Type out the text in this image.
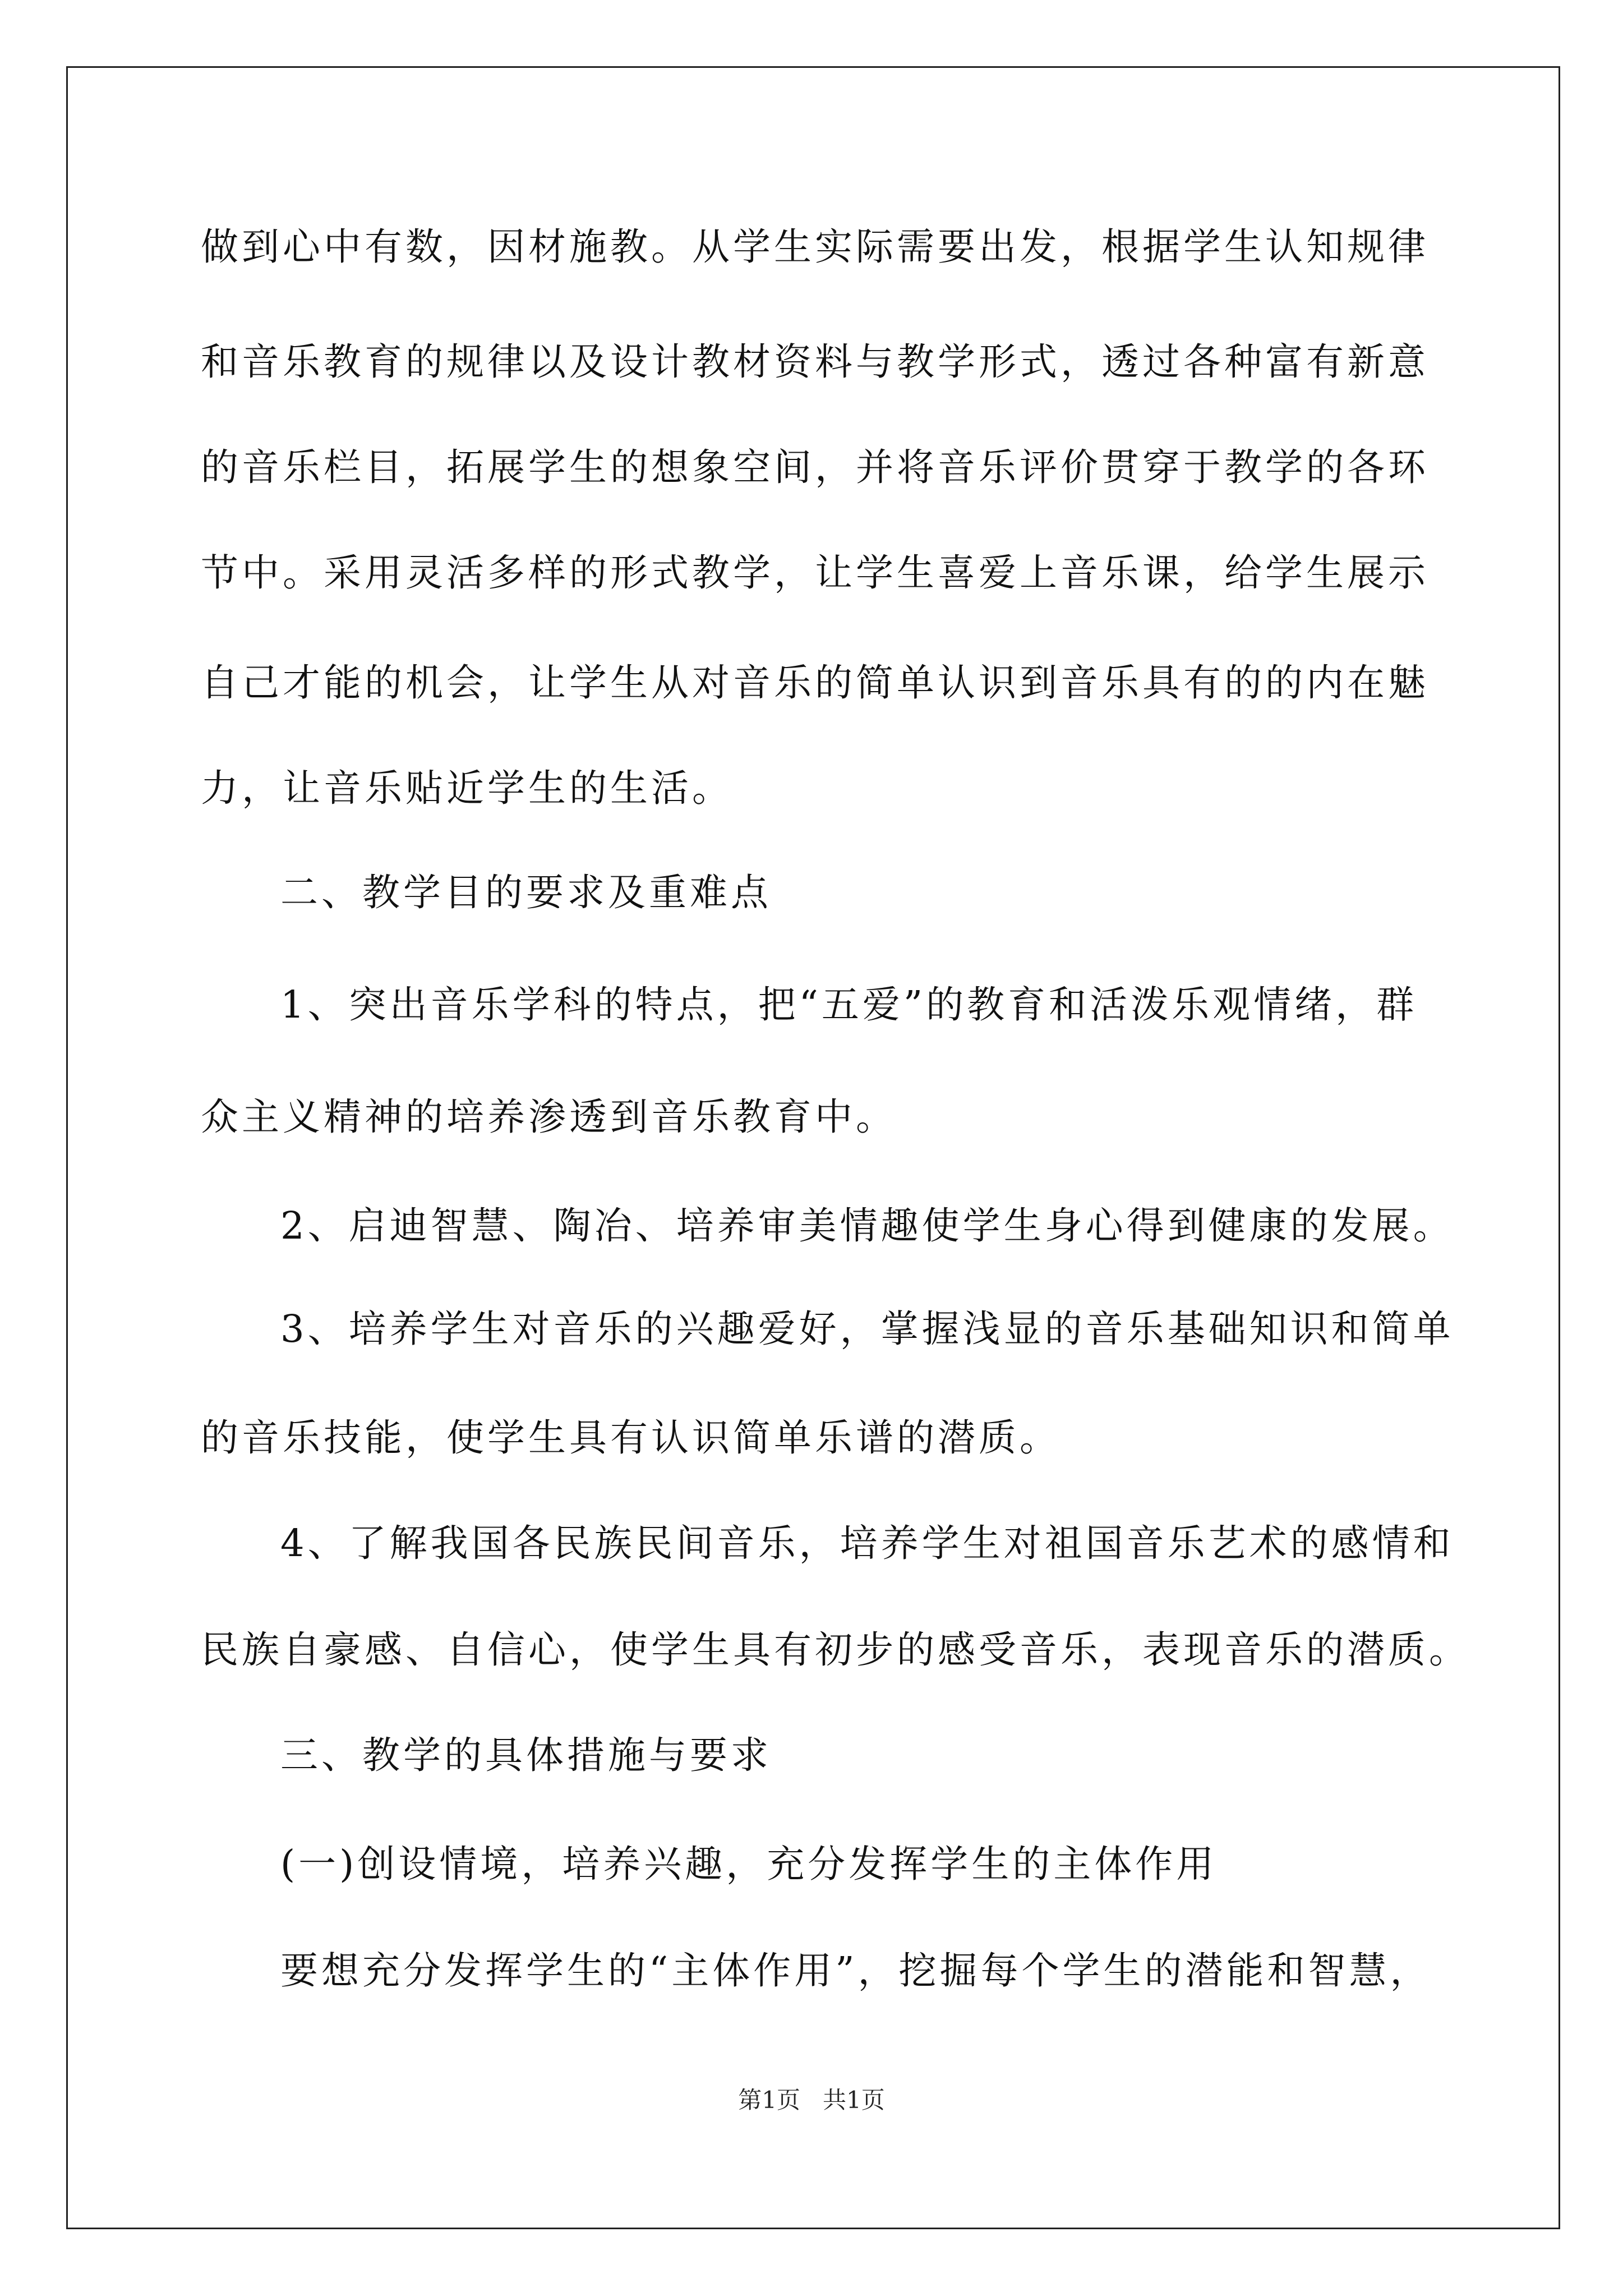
做到心中有数，因材施教。从学生实际需要出发，根据学生认知规律
和音乐教育的规律以及设计教材资料与教学形式，透过各种富有新意
的音乐栏目，拓展学生的想象空间，并将音乐评价贯穿于教学的各环
节中。采用灵活多样的形式教学，让学生喜爱上音乐课，给学生展示
自己才能的机会，让学生从对音乐的简单认识到音乐具有的的内在魅
力，让音乐贴近学生的生活。
二、教学目的要求及重难点
1、突出音乐学科的特点，把“五爱”的教育和活泼乐观情绪，群
众主义精神的培养渗透到音乐教育中。
2、启迪智慧、陶冶、培养审美情趣使学生身心得到健康的发展。
3、培养学生对音乐的兴趣爱好，掌握浅显的音乐基础知识和简单
的音乐技能，使学生具有认识简单乐谱的潜质。
4、了解我国各民族民间音乐，培养学生对祖国音乐艺术的感情和
民族自豪感、自信心，使学生具有初步的感受音乐，表现音乐的潜质。
三、教学的具体措施与要求
(一)创设情境，培养兴趣，充分发挥学生的主体作用
要想充分发挥学生的“主体作用”，挖掘每个学生的潜能和智慧，
第1页   共1页
